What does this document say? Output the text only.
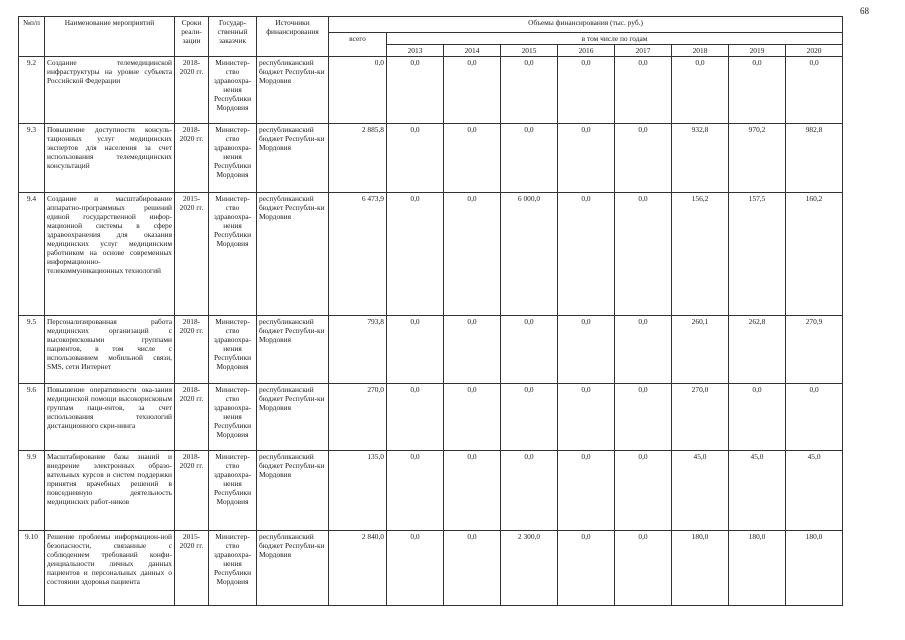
68
№п/п	Наименование мероприятий	Сроки реали-зации	Государ-ственный заказчик	Источники финансирования	Объемы финансирования (тыс. руб.)								
					всего	в том числе по годам							
						2013	2014	2015	2016	2017	2018	2019	2020
9.2	Создание телемедицинской инфраструктуры на уровне субъекта Российской Федерации	2018-2020 гг.	Министер-ство здравоохра-нения Республики Мордовия	республиканский бюджет Республи-ки Мордовия	0,0	0,0	0,0	0,0	0,0	0,0	0,0	0,0	0,0
9.3	Повышение доступности консуль-тационных услуг медицинских экспертов для населения за счет использования телемедицинских консультаций	2018-2020 гг.	Министер-ство здравоохра-нения Республики Мордовия	республиканский бюджет Республи-ки Мордовия	2 885,8	0,0	0,0	0,0	0,0	0,0	932,8	970,2	982,8
9.4	Создание и масштабирование аппаратно-программных решений единой государственной инфор-мационной системы в сфере здравоохранения для оказания медицинских услуг медицинским работником на основе современных информационно-телекоммуникационных технологий	2015-2020 гг.	Министер-ство здравоохра-нения Республики Мордовия	республиканский бюджет Республи-ки Мордовия	6 473,9	0,0	0,0	6 000,0	0,0	0,0	156,2	157,5	160,2
9.5	Персонализированная работа медицинских организаций с высокорисковыми группами пациентов, в том числе с использованием мобильной связи, SMS, сети Интернет	2018-2020 гг.	Министер-ство здравоохра-нения Республики Мордовия	республиканский бюджет Республи-ки Мордовия	793,8	0,0	0,0	0,0	0,0	0,0	260,1	262,8	270,9
9.6	Повышение оперативности ока-зания медицинской помощи высокорисковым группам паци-ентов, за счет использования технологий дистанционного скри-нинга	2018-2020 гг.	Министер-ство здравоохра-нения Республики Мордовия	республиканский бюджет Республи-ки Мордовия	270,0	0,0	0,0	0,0	0,0	0,0	270,0	0,0	0,0
9.9	Масштабирование базы знаний и внедрение электронных образо-вательных курсов и систем поддержки принятия врачебных решений в повседневную деятельность медицинских работ-ников	2018-2020 гг.	Министер-ство здравоохра-нения Республики Мордовия	республиканский бюджет Республи-ки Мордовия	135,0	0,0	0,0	0,0	0,0	0,0	45,0	45,0	45,0
9.10	Решение проблемы информацион-ной безопасности, связанные с соблюдением требований конфи-денциальности личных данных пациентов и персональных данных о состоянии здоровья пациента	2015-2020 гг.	Министер-ство здравоохра-нения Республики Мордовия	республиканский бюджет Республи-ки Мордовия	2 840,0	0,0	0,0	2 300,0	0,0	0,0	180,0	180,0	180,0
